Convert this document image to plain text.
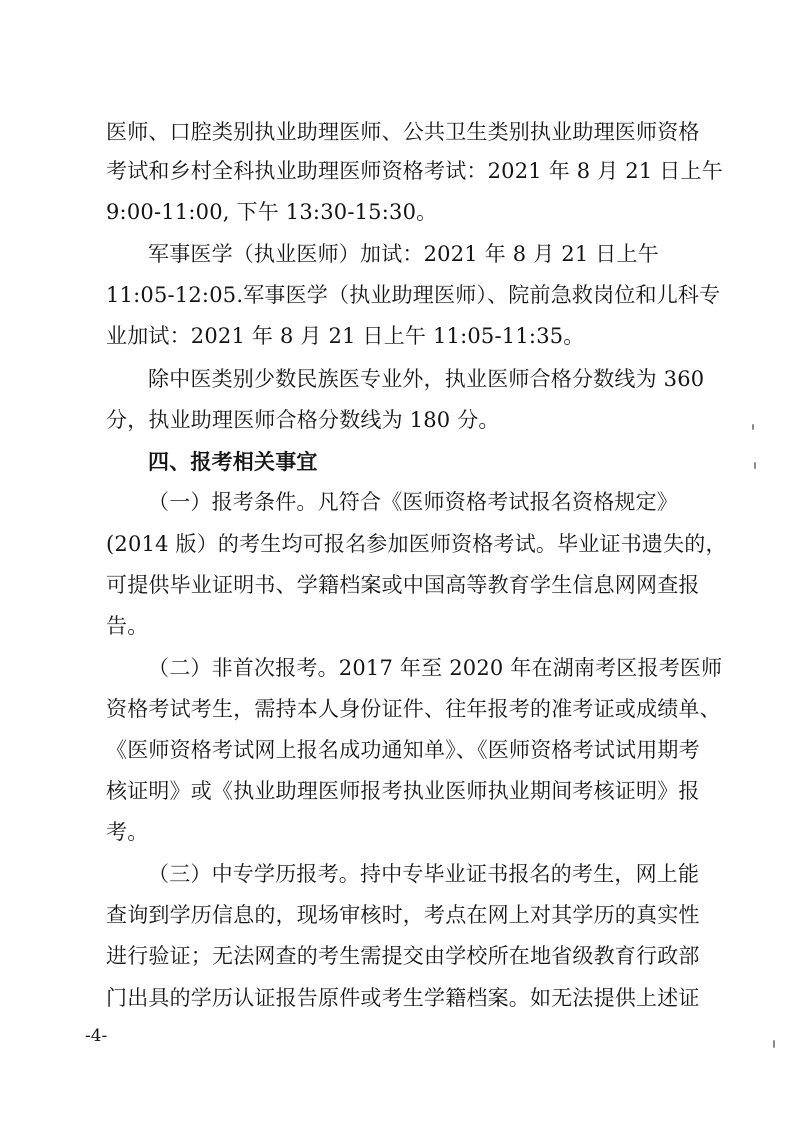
医师、口腔类别执业助理医师、公共卫生类别执业助理医师资格

考试和乡村全科执业助理医师资格考试：2021 年 8 月 21 日上午

9:00-11:00, 下午 13:30-15:30。

军事医学（执业医师）加试：2021 年 8 月 21 日上午

11:05-12:05.军事医学（执业助理医师）、院前急救岗位和儿科专

业加试：2021 年 8 月 21 日上午 11:05-11:35。

除中医类别少数民族医专业外，执业医师合格分数线为 360

分，执业助理医师合格分数线为 180 分。

四、报考相关事宜

（一）报考条件。凡符合《医师资格考试报名资格规定》

(2014 版）的考生均可报名参加医师资格考试。毕业证书遗失的，

可提供毕业证明书、学籍档案或中国高等教育学生信息网网查报

告。

（二）非首次报考。2017 年至 2020 年在湖南考区报考医师

资格考试考生，需持本人身份证件、往年报考的准考证或成绩单、

《医师资格考试网上报名成功通知单》、《医师资格考试试用期考

核证明》或《执业助理医师报考执业医师执业期间考核证明》报

考。

（三）中专学历报考。持中专毕业证书报名的考生，网上能

查询到学历信息的，现场审核时，考点在网上对其学历的真实性

进行验证；无法网查的考生需提交由学校所在地省级教育行政部

门出具的学历认证报告原件或考生学籍档案。如无法提供上述证

-4-
